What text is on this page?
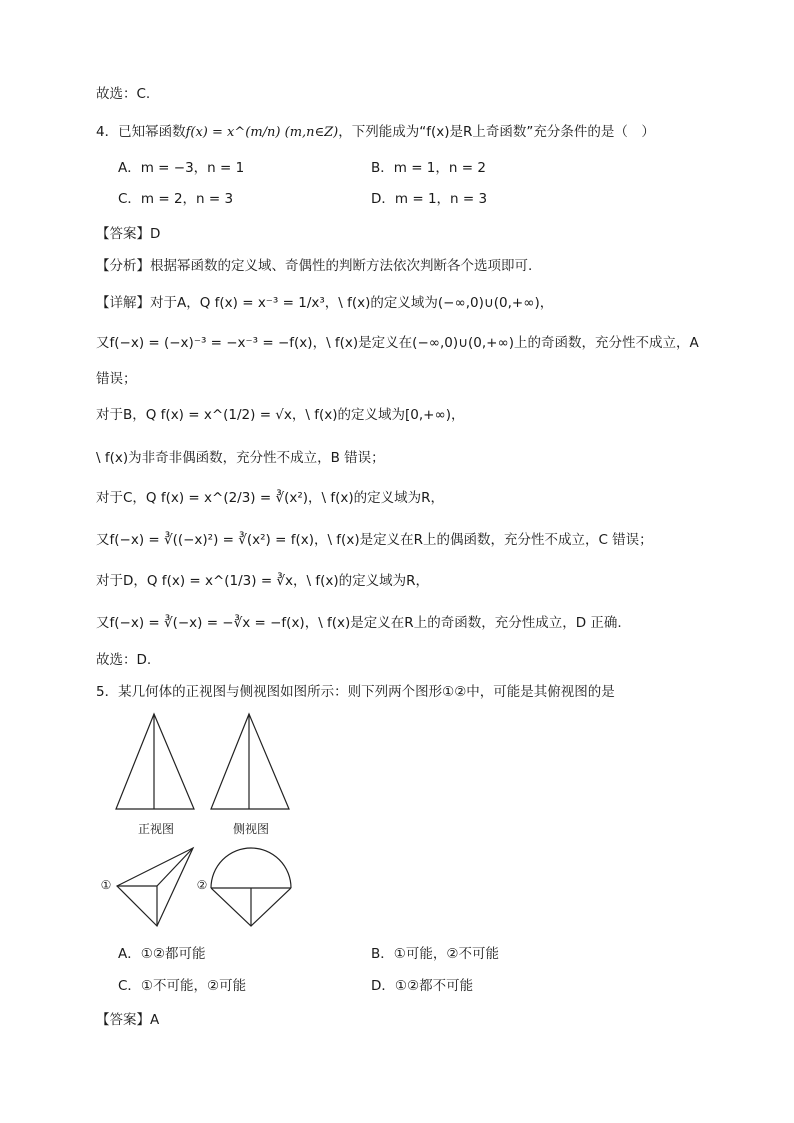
故选：C.
4．已知幂函数f(x) = x^(m/n) (m,n∈Z)，下列能成为“f(x)是R上奇函数”充分条件的是（　）
A．m = −3，n = 1	B．m = 1，n = 2
C．m = 2，n = 3	D．m = 1，n = 3
【答案】D
【分析】根据幂函数的定义域、奇偶性的判断方法依次判断各个选项即可.
【详解】对于A，Q f(x) = x⁻³ = 1/x³，\ f(x)的定义域为(−∞,0)∪(0,+∞)，
又f(−x) = (−x)⁻³ = −x⁻³ = −f(x)，\ f(x)是定义在(−∞,0)∪(0,+∞)上的奇函数，充分性不成立，A
错误；
对于B，Q f(x) = x^(1/2) = √x，\ f(x)的定义域为[0,+∞)，
\ f(x)为非奇非偶函数，充分性不成立，B 错误；
对于C，Q f(x) = x^(2/3) = ∛(x²)，\ f(x)的定义域为R，
又f(−x) = ∛((−x)²) = ∛(x²) = f(x)，\ f(x)是定义在R上的偶函数，充分性不成立，C 错误；
对于D，Q f(x) = x^(1/3) = ∛x，\ f(x)的定义域为R，
又f(−x) = ∛(−x) = −∛x = −f(x)，\ f(x)是定义在R上的奇函数，充分性成立，D 正确.
故选：D.
5．某几何体的正视图与侧视图如图所示：则下列两个图形①②中，可能是其俯视图的是
正视图	侧视图
①	②
A．①②都可能	B．①可能，②不可能
C．①不可能，②可能	D．①②都不可能
【答案】A
